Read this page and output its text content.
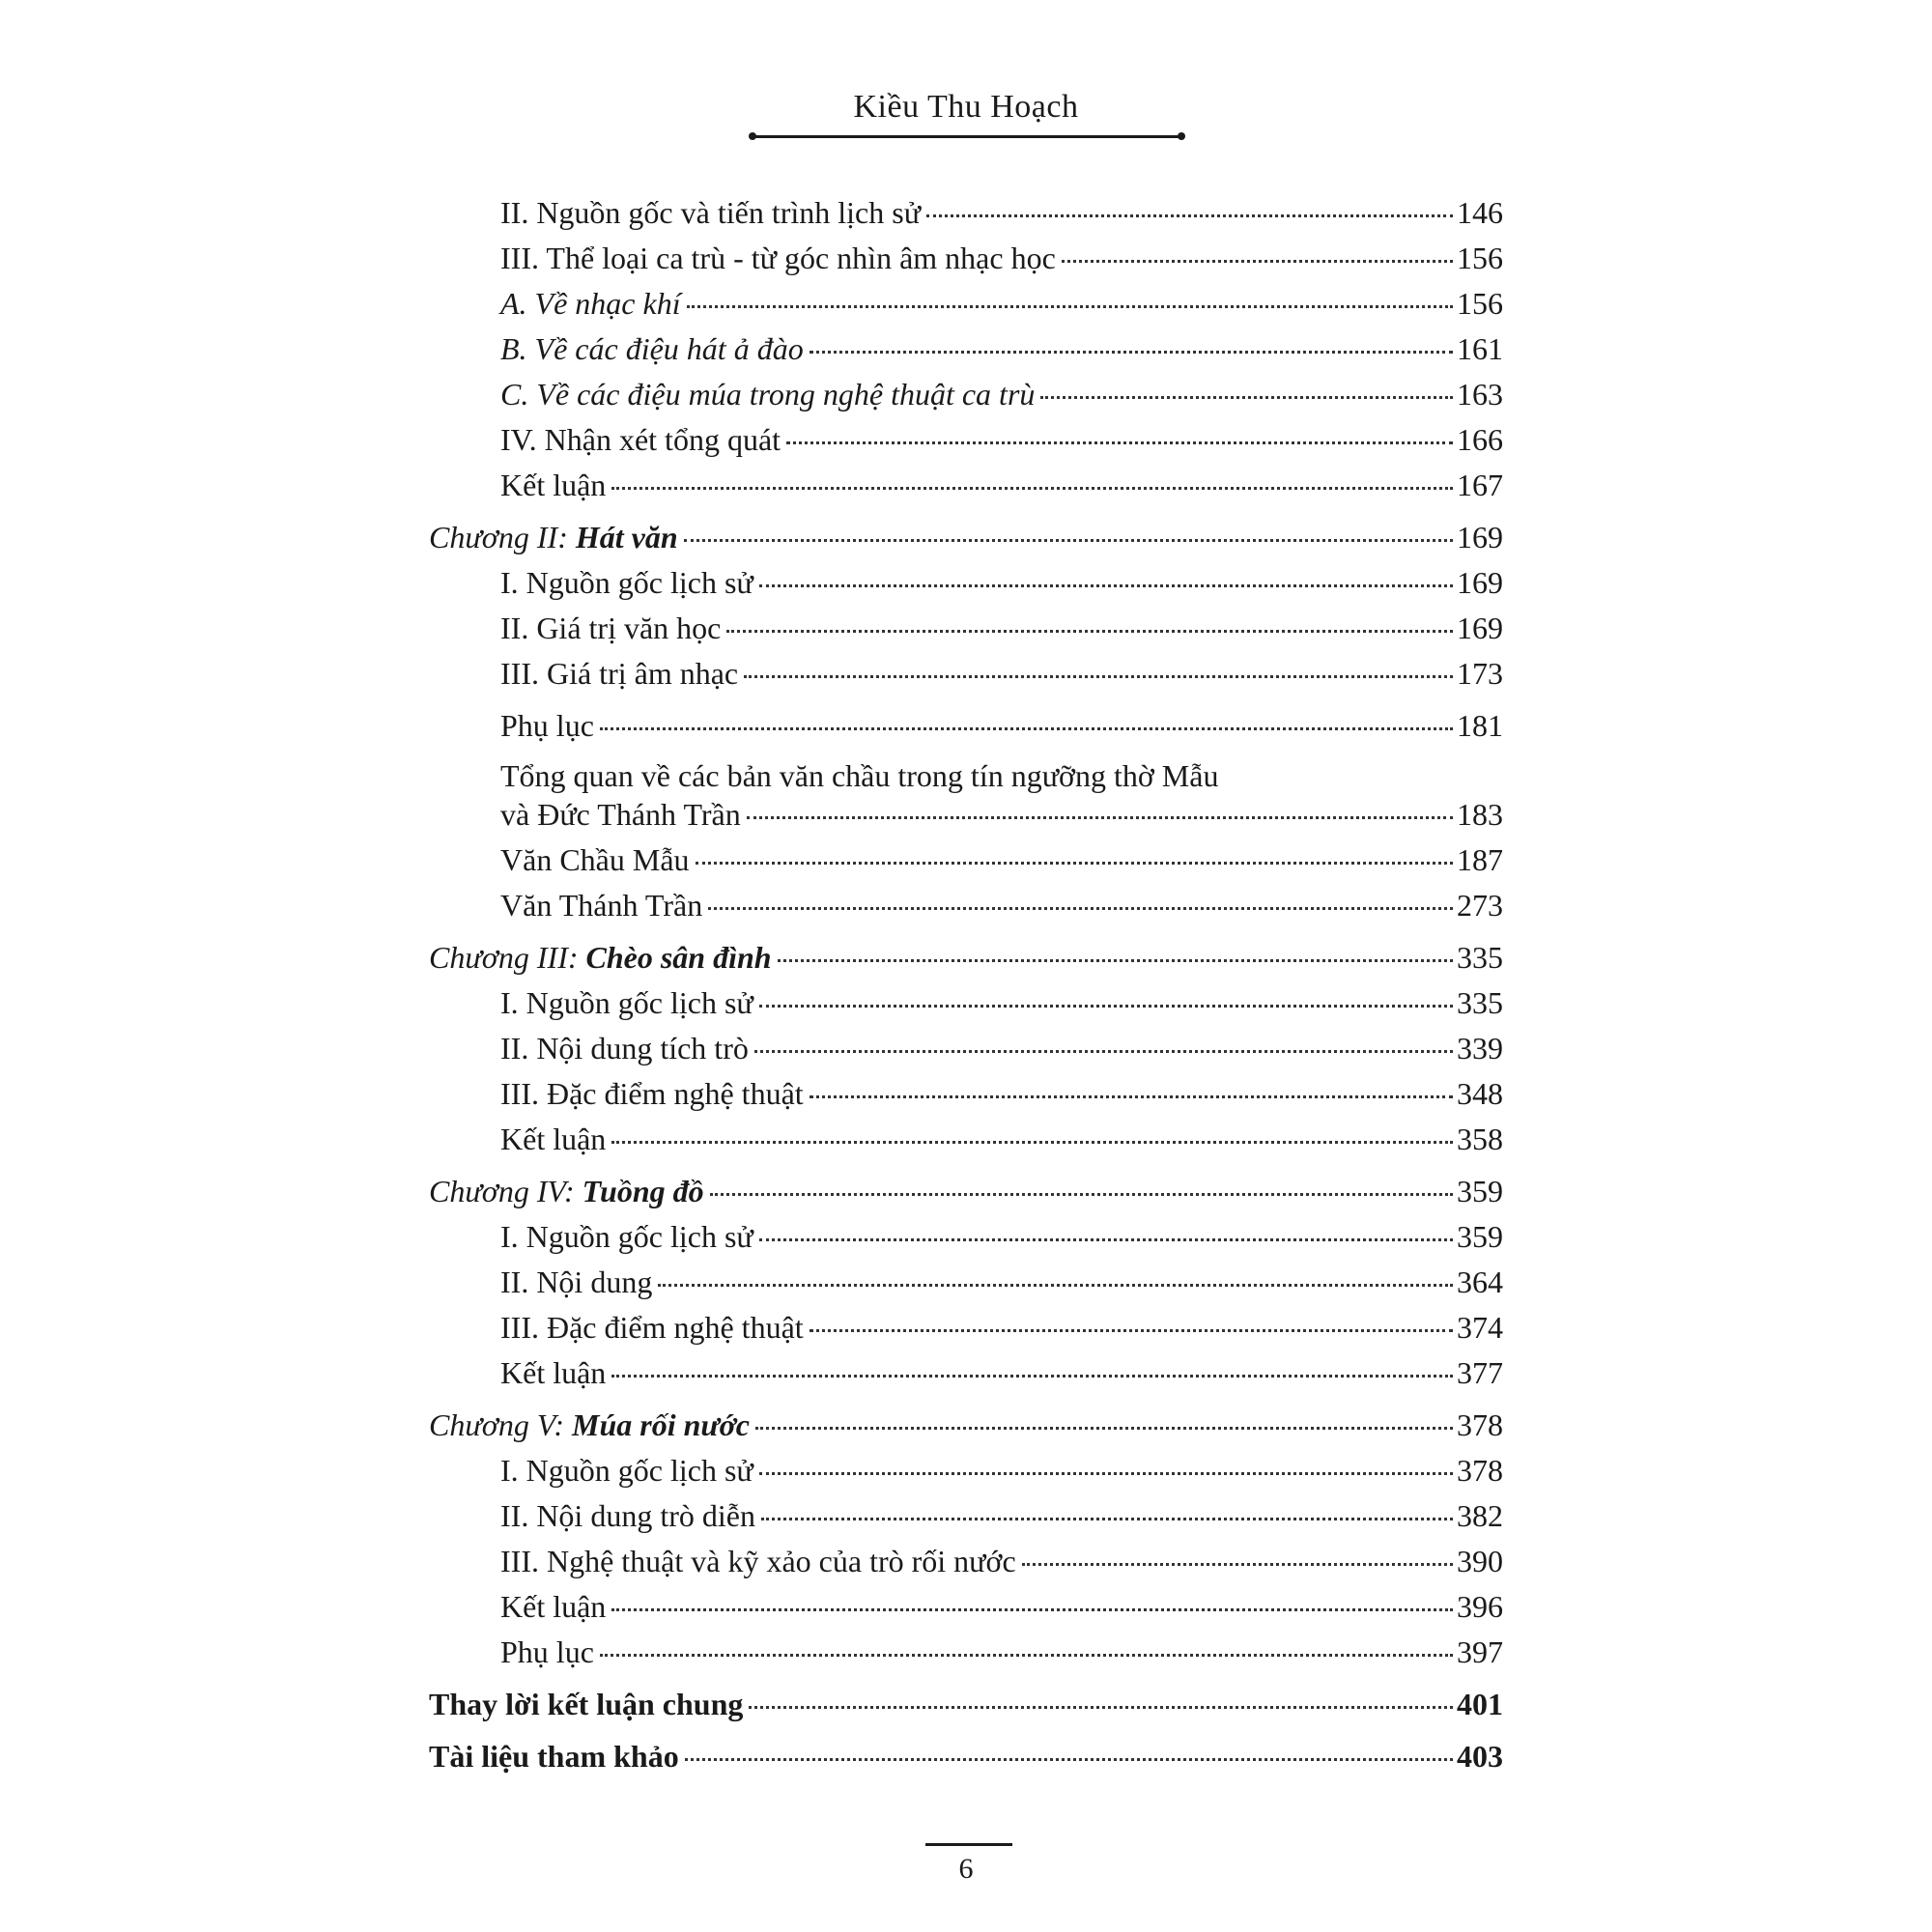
Kiều Thu Hoạch
II. Nguồn gốc và tiến trình lịch sử	146
III. Thể loại ca trù - từ góc nhìn âm nhạc học	156
A. Về nhạc khí	156
B. Về các điệu hát ả đào	161
C. Về các điệu múa trong nghệ thuật ca trù	163
IV. Nhận xét tổng quát	166
Kết luận	167
Chương II: Hát văn	169
I. Nguồn gốc lịch sử	169
II. Giá trị văn học	169
III. Giá trị âm nhạc	173
Phụ lục	181
Tổng quan về các bản văn chầu trong tín ngưỡng thờ Mẫu
và Đức Thánh Trần	183
Văn Chầu Mẫu	187
Văn Thánh Trần	273
Chương III: Chèo sân đình	335
I. Nguồn gốc lịch sử	335
II. Nội dung tích trò	339
III. Đặc điểm nghệ thuật	348
Kết luận	358
Chương IV: Tuồng đồ	359
I. Nguồn gốc lịch sử	359
II. Nội dung	364
III. Đặc điểm nghệ thuật	374
Kết luận	377
Chương V: Múa rối nước	378
I. Nguồn gốc lịch sử	378
II. Nội dung trò diễn	382
III. Nghệ thuật và kỹ xảo của trò rối nước	390
Kết luận	396
Phụ lục	397
Thay lời kết luận chung	401
Tài liệu tham khảo	403
6
